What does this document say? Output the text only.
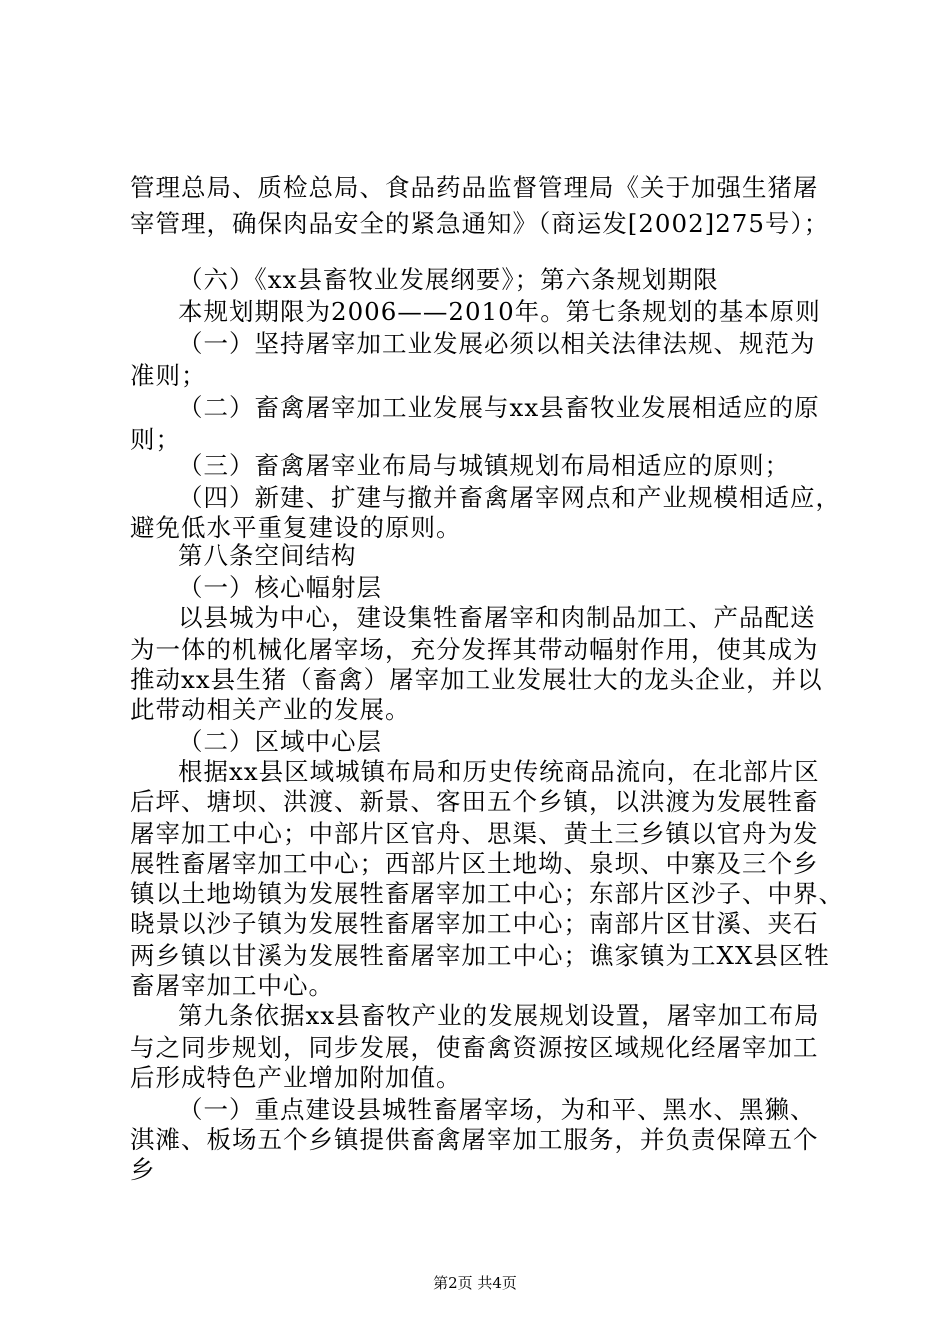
管理总局、质检总局、食品药品监督管理局《关于加强生猪屠
宰管理，确保肉品安全的紧急通知》（商运发[2002]275号）；
（六）《xx县畜牧业发展纲要》；第六条规划期限
本规划期限为2006——2010年。第七条规划的基本原则
（一）坚持屠宰加工业发展必须以相关法律法规、规范为
准则；
（二）畜禽屠宰加工业发展与xx县畜牧业发展相适应的原
则；
（三）畜禽屠宰业布局与城镇规划布局相适应的原则；
（四）新建、扩建与撤并畜禽屠宰网点和产业规模相适应，
避免低水平重复建设的原则。
第八条空间结构
（一）核心幅射层
以县城为中心，建设集牲畜屠宰和肉制品加工、产品配送
为一体的机械化屠宰场，充分发挥其带动幅射作用，使其成为
推动xx县生猪（畜禽）屠宰加工业发展壮大的龙头企业，并以
此带动相关产业的发展。
（二）区域中心层
根据xx县区域城镇布局和历史传统商品流向，在北部片区
后坪、塘坝、洪渡、新景、客田五个乡镇，以洪渡为发展牲畜
屠宰加工中心；中部片区官舟、思渠、黄土三乡镇以官舟为发
展牲畜屠宰加工中心；西部片区土地坳、泉坝、中寨及三个乡
镇以土地坳镇为发展牲畜屠宰加工中心；东部片区沙子、中界、
晓景以沙子镇为发展牲畜屠宰加工中心；南部片区甘溪、夹石
两乡镇以甘溪为发展牲畜屠宰加工中心；谯家镇为工XX县区牲
畜屠宰加工中心。
第九条依据xx县畜牧产业的发展规划设置，屠宰加工布局
与之同步规划，同步发展，使畜禽资源按区域规化经屠宰加工
后形成特色产业增加附加值。
（一）重点建设县城牲畜屠宰场，为和平、黑水、黑獭、
淇滩、板场五个乡镇提供畜禽屠宰加工服务，并负责保障五个
乡
第2页 共4页
